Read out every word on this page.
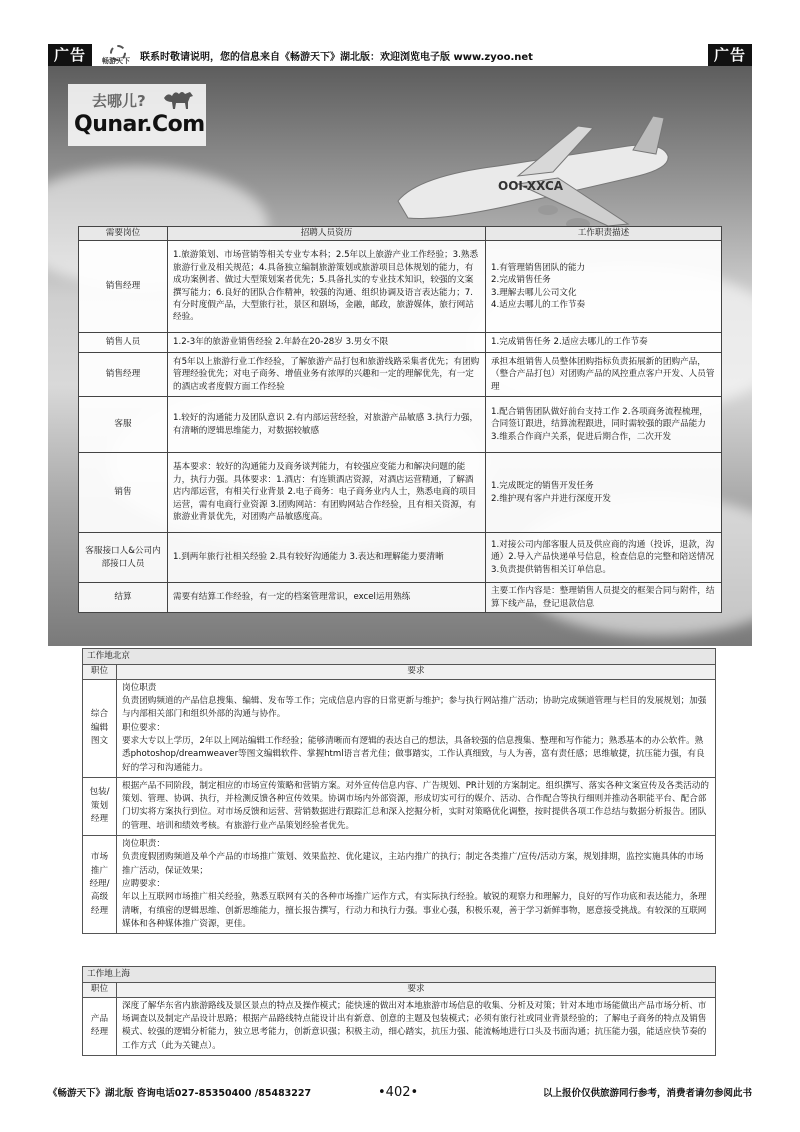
广告	畅游天下 联系时敬请说明，您的信息来自《畅游天下》湖北版：欢迎浏览电子版 www.zyoo.net	广告
去哪儿?
Qunar.Com
OOI-XXCA
需要岗位	招聘人员资历	工作职责描述
销售经理	1.旅游策划、市场营销等相关专业专本科；2.5年以上旅游产业工作经验；3.熟悉旅游行业及相关规范；4.具备独立编制旅游策划或旅游项目总体规划的能力，有成功案例者、做过大型策划案者优先；5.具备扎实的专业技术知识，较强的文案撰写能力；6.良好的团队合作精神，较强的沟通、组织协调及语言表达能力；7.有分时度假产品，大型旅行社，景区和剧场，金融，邮政，旅游媒体，旅行网站经验。	1.有管理销售团队的能力
2.完成销售任务
3.理解去哪儿公司文化
4.适应去哪儿的工作节奏
销售人员	1.2-3年的旅游业销售经验 2.年龄在20-28岁 3.男女不限	1.完成销售任务 2.适应去哪儿的工作节奏
销售经理	有5年以上旅游行业工作经验，了解旅游产品打包和旅游线路采集者优先；有团购管理经验优先；对电子商务、增值业务有浓厚的兴趣和一定的理解优先，有一定的酒店或者度假方面工作经验	承担本组销售人员整体团购指标负责拓展新的团购产品，（整合产品打包）对团购产品的风控重点客户开发、人员管理
客服	1.较好的沟通能力及团队意识 2.有内部运营经验，对旅游产品敏感 3.执行力强，有清晰的逻辑思维能力，对数据较敏感	1.配合销售团队做好前台支持工作 2.各项商务流程梳理，合同签订跟进，结算流程跟进，同时需较强的跟产品能力 3.维系合作商户关系，促进后期合作，二次开发
销售	基本要求：较好的沟通能力及商务谈判能力，有较强应变能力和解决问题的能力，执行力强。具体要求：1.酒店：有连锁酒店资源，对酒店运营精通，了解酒店内部运营，有相关行业背景 2.电子商务：电子商务业内人士，熟悉电商的项目运营，需有电商行业资源 3.团购网站：有团购网站合作经验，且有相关资源，有旅游业背景优先，对团购产品敏感度高。	1.完成既定的销售开发任务
2.维护现有客户并进行深度开发
客服接口人&公司内部接口人员	1.到两年旅行社相关经验 2.具有较好沟通能力 3.表达和理解能力要清晰	1.对接公司内部客服人员及供应商的沟通（投诉，退款，沟通）2.导入产品快递单号信息，检查信息的完整和陪送情况 3.负责提供销售相关订单信息。
结算	需要有结算工作经验，有一定的档案管理常识，excel运用熟练	主要工作内容是：整理销售人员提交的框架合同与附件，结算下线产品，登记退款信息
工作地北京	
职位	要求
综合编辑图文	岗位职责
负责团购频道的产品信息搜集、编辑、发布等工作；完成信息内容的日常更新与维护；参与执行网站推广活动；协助完成频道管理与栏目的发展规划；加强与内部相关部门和组织外部的沟通与协作。
职位要求：
要求大专以上学历，2年以上网站编辑工作经验；能够清晰而有逻辑的表达自己的想法，具备较强的信息搜集、整理和写作能力；熟悉基本的办公软件。熟悉photoshop/dreamweaver等图文编辑软件、掌握html语言者尤佳；做事踏实，工作认真细致，与人为善，富有责任感；思维敏捷，抗压能力强，有良好的学习和沟通能力。
包装/策划经理	根据产品不同阶段，制定相应的市场宣传策略和营销方案。对外宣传信息内容、广告规划、PR计划的方案制定。组织撰写、落实各种文案宣传及各类活动的策划、管理、协调、执行，并检测反馈各种宣传效果。协调市场内外部资源，形成切实可行的媒介、活动、合作配合等执行细则并推动各职能平台、配合部门切实将方案执行到位。对市场反馈和运营、营销数据进行跟踪汇总和深入挖掘分析，实时对策略优化调整，按时提供各项工作总结与数据分析报告。团队的管理、培训和绩效考核。有旅游行业产品策划经验者优先。
市场推广经理/高级经理	岗位职责：
负责度假团购频道及单个产品的市场推广策划、效果监控、优化建议，主站内推广的执行；制定各类推广/宣传/活动方案，规划排期，监控实施具体的市场推广活动，保证效果；
应聘要求：
年以上互联网市场推广相关经验，熟悉互联网有关的各种市场推广运作方式，有实际执行经验。敏锐的观察力和理解力，良好的写作功底和表达能力，条理清晰，有缜密的逻辑思维、创新思维能力，擅长报告撰写，行动力和执行力强。事业心强，积极乐观，善于学习新鲜事物，愿意接受挑战。有较深的互联网媒体和各种媒体推广资源，更佳。
工作地上海	
职位	要求
产品经理	深度了解华东省内旅游路线及景区景点的特点及操作模式；能快速的做出对本地旅游市场信息的收集、分析及对策；针对本地市场能做出产品市场分析、市场调查以及制定产品设计思路；根据产品路线特点能设计出有新意、创意的主题及包装模式；必须有旅行社或同业背景经验的；了解电子商务的特点及销售模式、较强的逻辑分析能力，独立思考能力，创新意识强；积极主动，细心踏实，抗压力强、能流畅地进行口头及书面沟通；抗压能力强，能适应快节奏的工作方式（此为关键点）。
《畅游天下》湖北版 咨询电话027-85350400 /85483227	•402•	以上报价仅供旅游同行参考，消费者请勿参阅此书
